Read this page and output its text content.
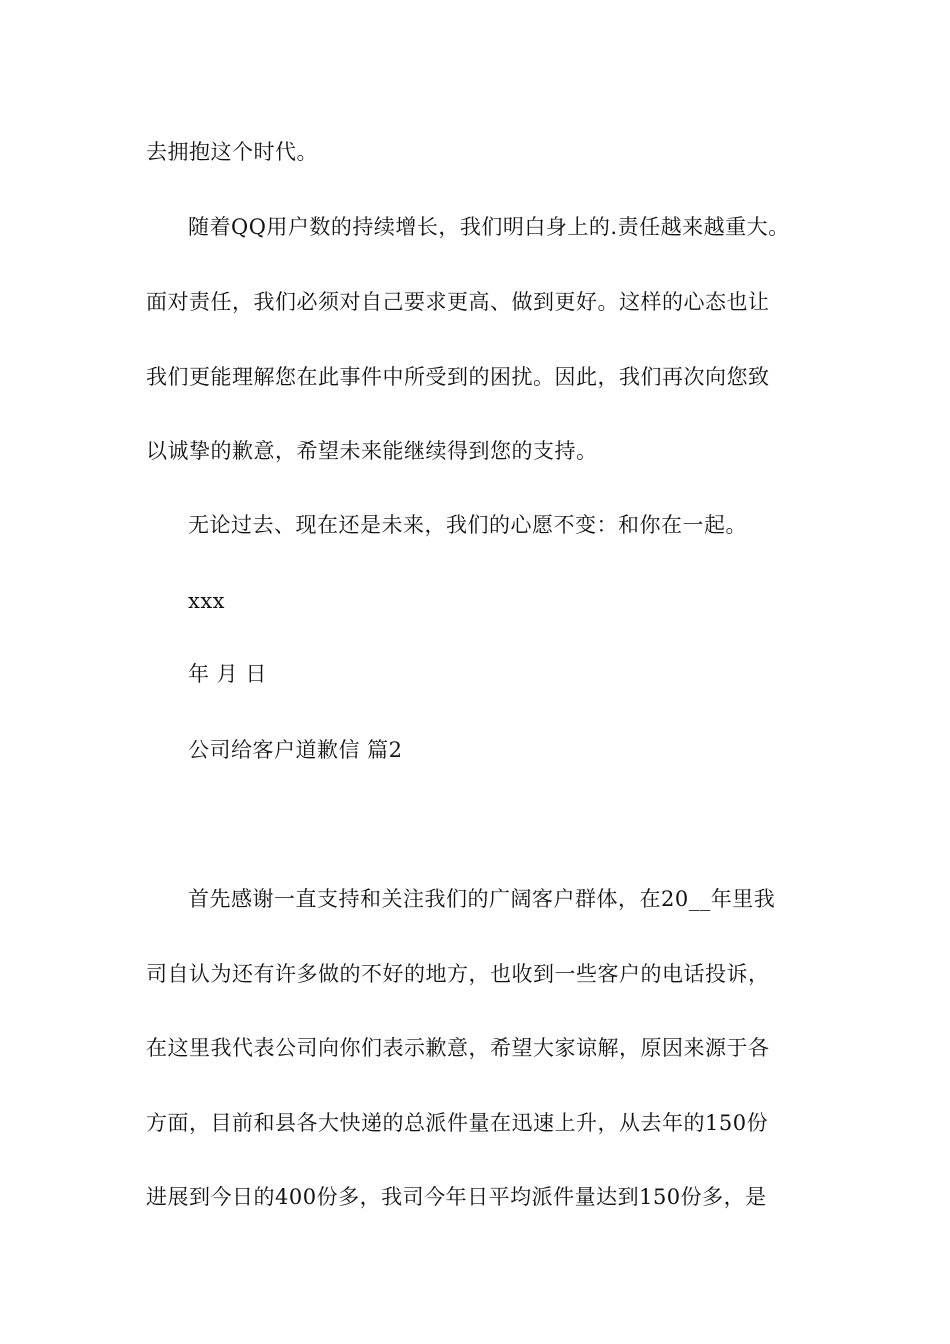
去拥抱这个时代。

随着QQ用户数的持续增长，我们明白身上的.责任越来越重大。

面对责任，我们必须对自己要求更高、做到更好。这样的心态也让

我们更能理解您在此事件中所受到的困扰。因此，我们再次向您致

以诚挚的歉意，希望未来能继续得到您的支持。

无论过去、现在还是未来，我们的心愿不变：和你在一起。

xxx

年 月 日

公司给客户道歉信 篇2

首先感谢一直支持和关注我们的广阔客户群体，在20__年里我

司自认为还有许多做的不好的地方，也收到一些客户的电话投诉，

在这里我代表公司向你们表示歉意，希望大家谅解，原因来源于各

方面，目前和县各大快递的总派件量在迅速上升，从去年的150份

进展到今日的400份多，我司今年日平均派件量达到150份多，是
